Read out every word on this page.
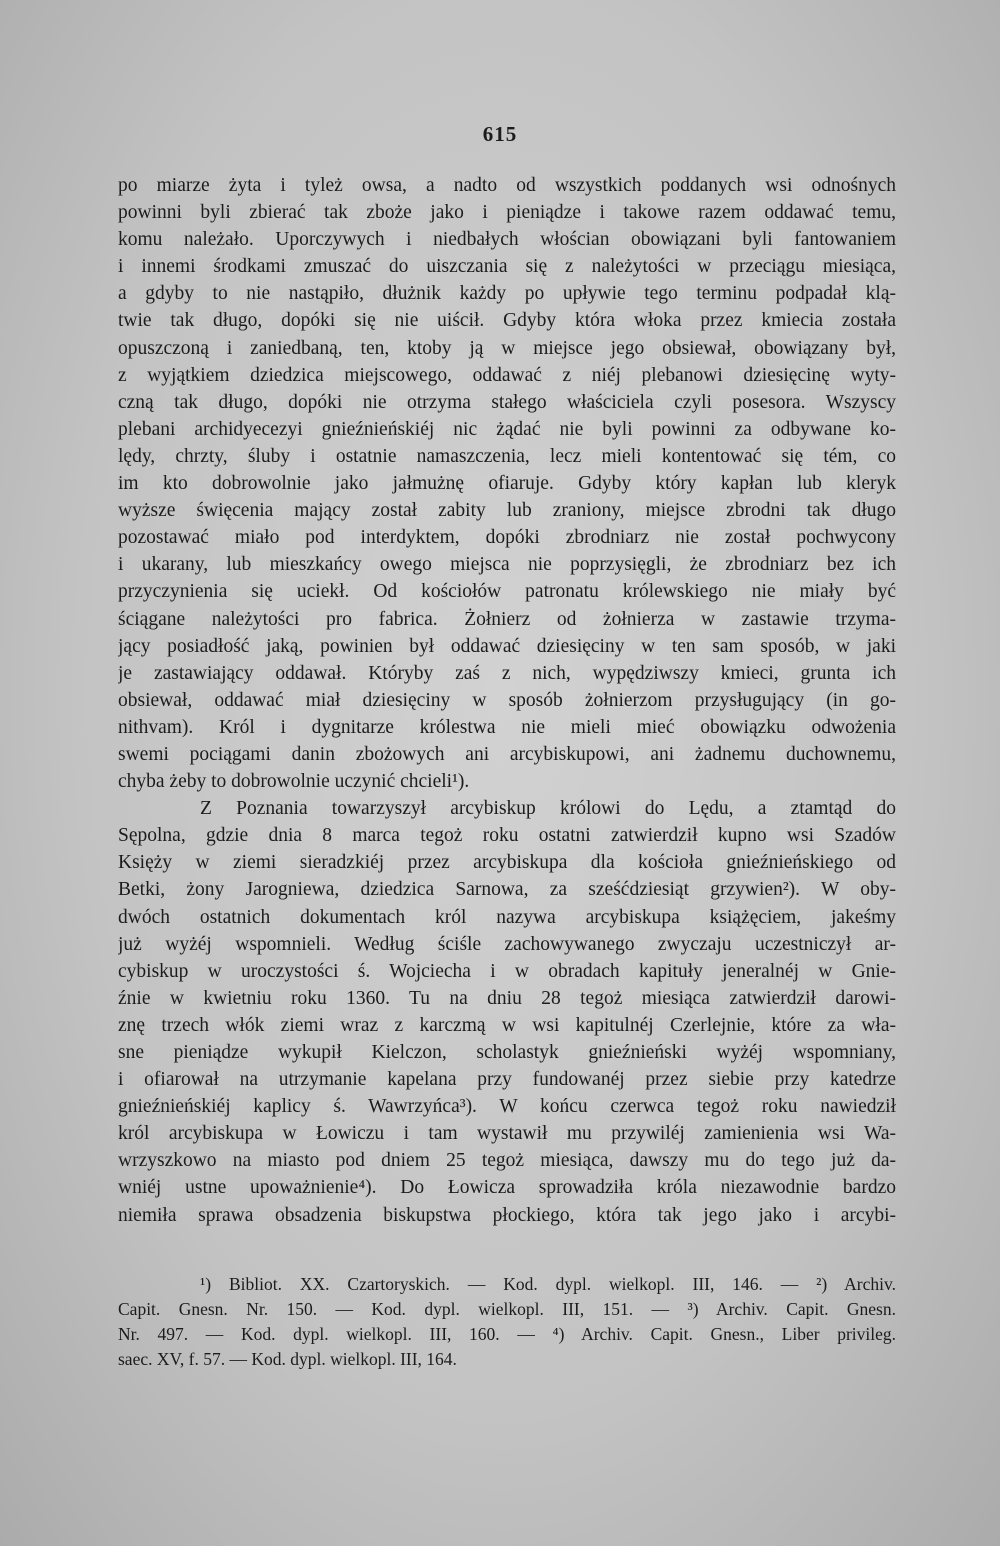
615
po miarze żyta i tyleż owsa, a nadto od wszystkich poddanych wsi odnośnych
powinni byli zbierać tak zboże jako i pieniądze i takowe razem oddawać temu,
komu należało. Uporczywych i niedbałych włościan obowiązani byli fantowaniem
i innemi środkami zmuszać do uiszczania się z należytości w przeciągu miesiąca,
a gdyby to nie nastąpiło, dłużnik każdy po upływie tego terminu podpadał klą-
twie tak długo, dopóki się nie uiścił. Gdyby która włoka przez kmiecia została
opuszczoną i zaniedbaną, ten, ktoby ją w miejsce jego obsiewał, obowiązany był,
z wyjątkiem dziedzica miejscowego, oddawać z niéj plebanowi dziesięcinę wyty-
czną tak długo, dopóki nie otrzyma stałego właściciela czyli posesora. Wszyscy
plebani archidyecezyi gnieźnieńskiéj nic żądać nie byli powinni za odbywane ko-
lędy, chrzty, śluby i ostatnie namaszczenia, lecz mieli kontentować się tém, co
im kto dobrowolnie jako jałmużnę ofiaruje. Gdyby który kapłan lub kleryk
wyższe święcenia mający został zabity lub zraniony, miejsce zbrodni tak długo
pozostawać miało pod interdyktem, dopóki zbrodniarz nie został pochwycony
i ukarany, lub mieszkańcy owego miejsca nie poprzysięgli, że zbrodniarz bez ich
przyczynienia się uciekł. Od kościołów patronatu królewskiego nie miały być
ściągane należytości pro fabrica. Żołnierz od żołnierza w zastawie trzyma-
jący posiadłość jaką, powinien był oddawać dziesięciny w ten sam sposób, w jaki
je zastawiający oddawał. Któryby zaś z nich, wypędziwszy kmieci, grunta ich
obsiewał, oddawać miał dziesięciny w sposób żołnierzom przysługujący (in go-
nithvam). Król i dygnitarze królestwa nie mieli mieć obowiązku odwożenia
swemi pociągami danin zbożowych ani arcybiskupowi, ani żadnemu duchownemu,
chyba żeby to dobrowolnie uczynić chcieli¹).
Z Poznania towarzyszył arcybiskup królowi do Lędu, a ztamtąd do
Sępolna, gdzie dnia 8 marca tegoż roku ostatni zatwierdził kupno wsi Szadów
Księży w ziemi sieradzkiéj przez arcybiskupa dla kościoła gnieźnieńskiego od
Betki, żony Jarogniewa, dziedzica Sarnowa, za sześćdziesiąt grzywien²). W oby-
dwóch ostatnich dokumentach król nazywa arcybiskupa książęciem, jakeśmy
już wyżéj wspomnieli. Według ściśle zachowywanego zwyczaju uczestniczył ar-
cybiskup w uroczystości ś. Wojciecha i w obradach kapituły jeneralnéj w Gnie-
źnie w kwietniu roku 1360. Tu na dniu 28 tegoż miesiąca zatwierdził darowi-
znę trzech włók ziemi wraz z karczmą w wsi kapitulnéj Czerlejnie, które za wła-
sne pieniądze wykupił Kielczon, scholastyk gnieźnieński wyżéj wspomniany,
i ofiarował na utrzymanie kapelana przy fundowanéj przez siebie przy katedrze
gnieźnieńskiéj kaplicy ś. Wawrzyńca³). W końcu czerwca tegoż roku nawiedził
król arcybiskupa w Łowiczu i tam wystawił mu przywiléj zamienienia wsi Wa-
wrzyszkowo na miasto pod dniem 25 tegoż miesiąca, dawszy mu do tego już da-
wniéj ustne upoważnienie⁴). Do Łowicza sprowadziła króla niezawodnie bardzo
niemiła sprawa obsadzenia biskupstwa płockiego, która tak jego jako i arcybi-
¹) Bibliot. XX. Czartoryskich. — Kod. dypl. wielkopl. III, 146. — ²) Archiv.
Capit. Gnesn. Nr. 150. — Kod. dypl. wielkopl. III, 151. — ³) Archiv. Capit. Gnesn.
Nr. 497. — Kod. dypl. wielkopl. III, 160. — ⁴) Archiv. Capit. Gnesn., Liber privileg.
saec. XV, f. 57. — Kod. dypl. wielkopl. III, 164.
